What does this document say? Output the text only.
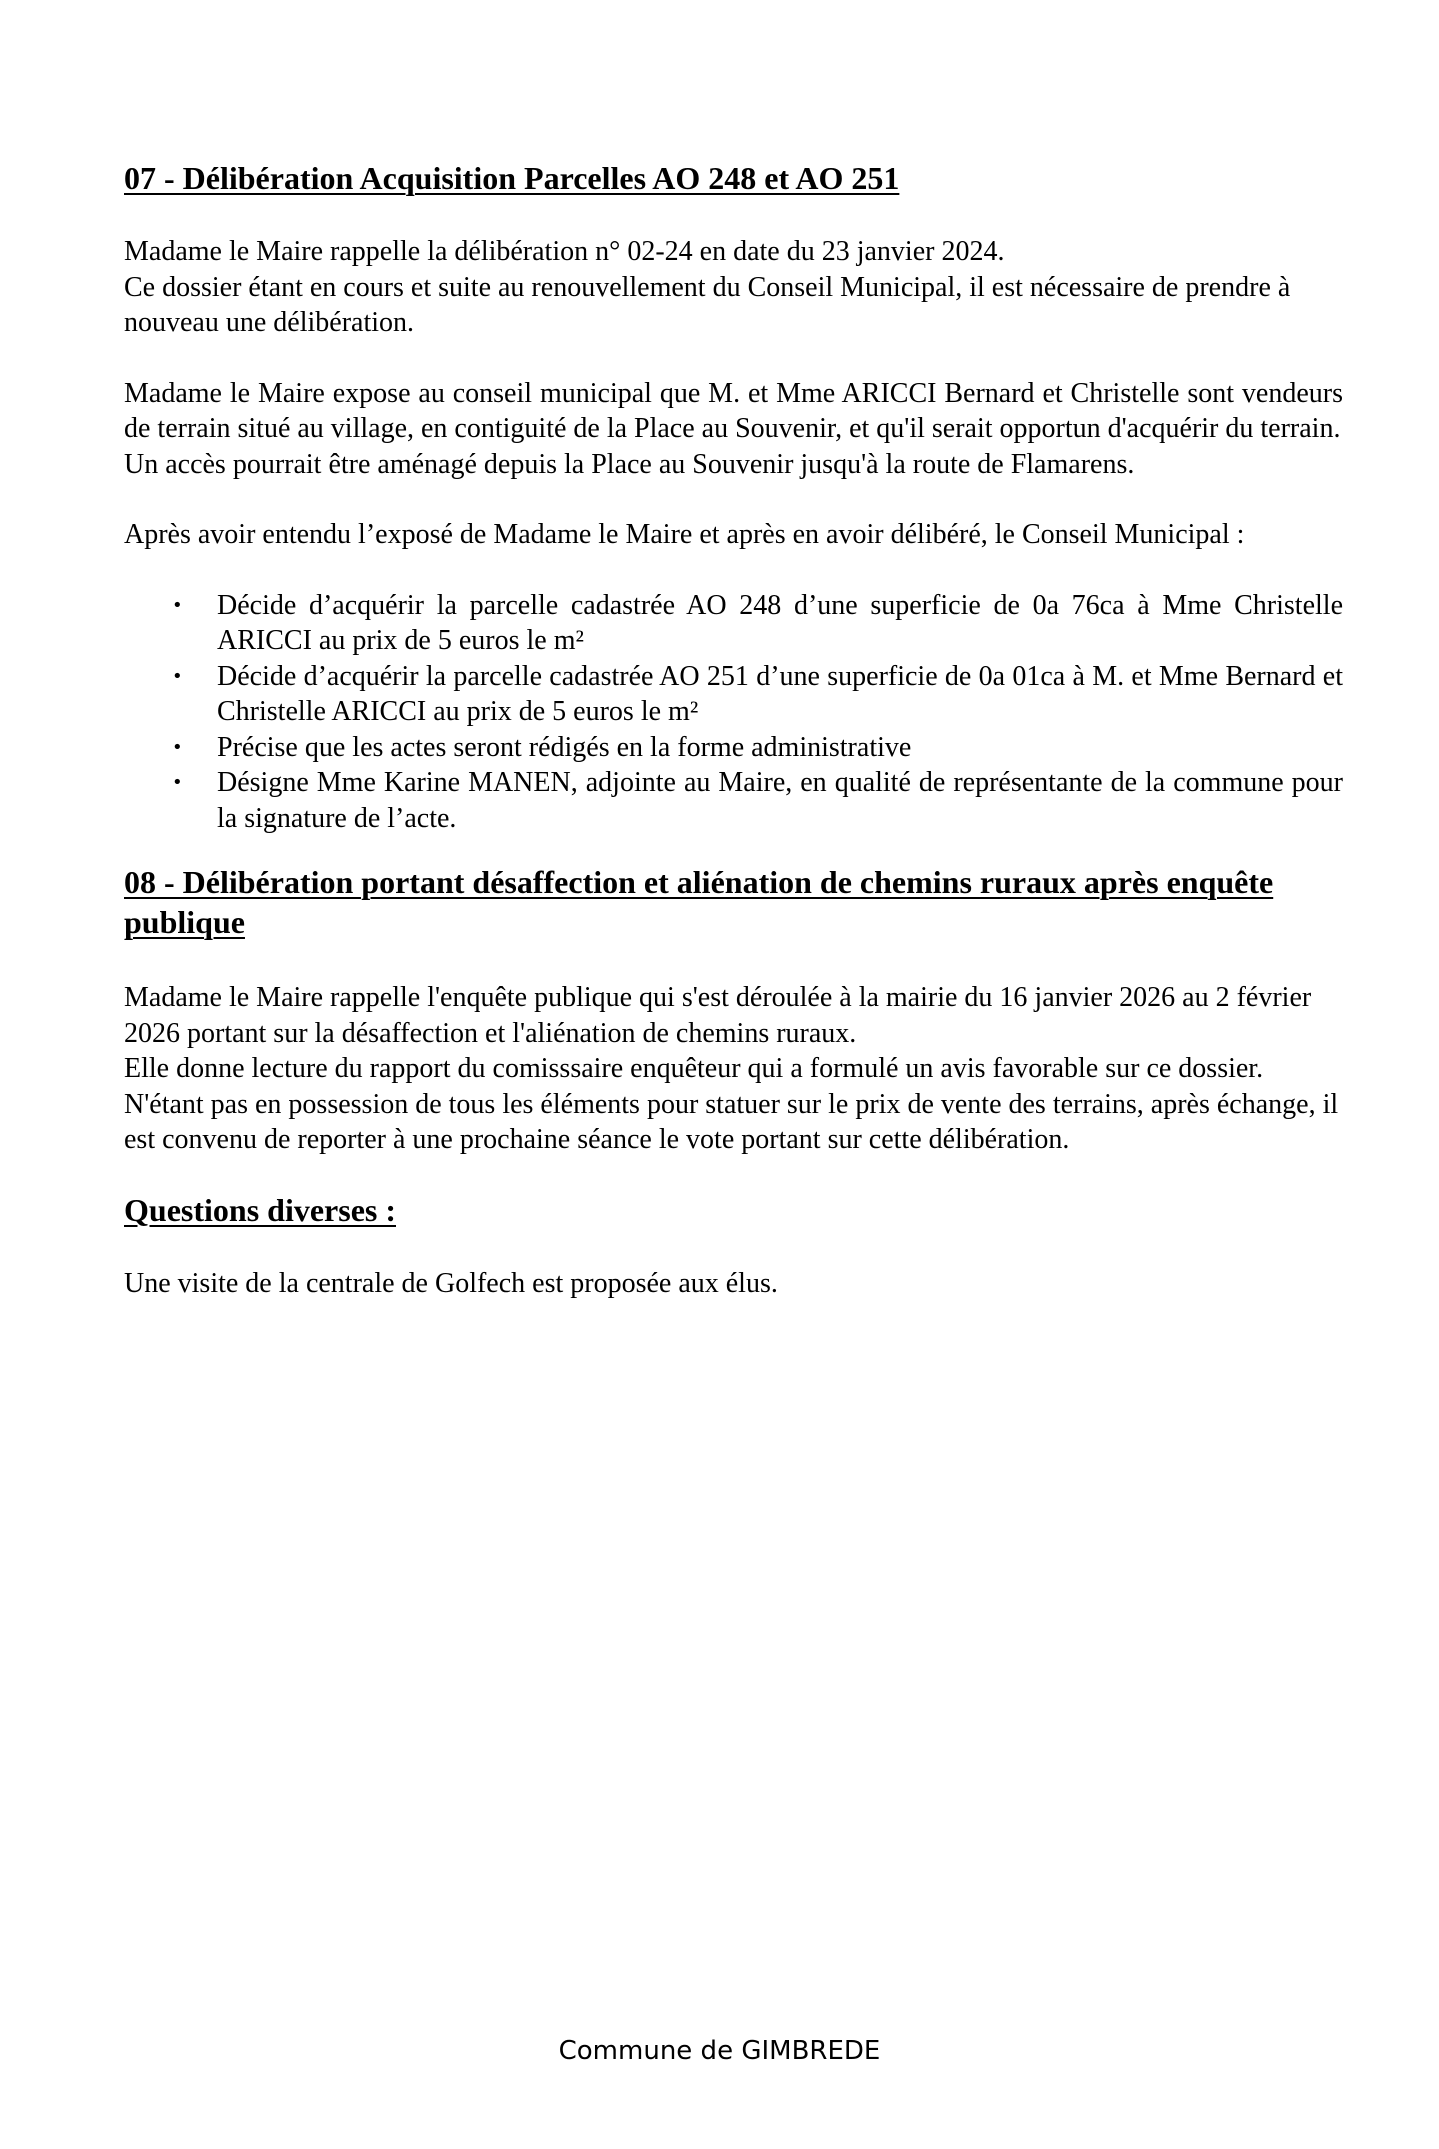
07 - Délibération Acquisition Parcelles AO 248 et AO 251

Madame le Maire rappelle la délibération n° 02-24 en date du 23 janvier 2024.

Ce dossier étant en cours et suite au renouvellement du Conseil Municipal, il est nécessaire de prendre à nouveau une délibération.

Madame le Maire expose au conseil municipal que M. et Mme ARICCI Bernard et Christelle sont vendeurs de terrain situé au village, en contiguité de la Place au Souvenir, et qu'il serait opportun d'acquérir du terrain.

Un accès pourrait être aménagé depuis la Place au Souvenir jusqu'à la route de Flamarens.

Après avoir entendu l’exposé de Madame le Maire et après en avoir délibéré, le Conseil Municipal :

• Décide d’acquérir la parcelle cadastrée AO 248 d’une superficie de 0a 76ca à Mme Christelle ARICCI au prix de 5 euros le m²
• Décide d’acquérir la parcelle cadastrée AO 251 d’une superficie de 0a 01ca à M. et Mme Bernard et Christelle ARICCI au prix de 5 euros le m²
• Précise que les actes seront rédigés en la forme administrative
• Désigne Mme Karine MANEN, adjointe au Maire, en qualité de représentante de la commune pour la signature de l’acte.
08 - Délibération portant désaffection et aliénation de chemins ruraux après enquête publique

Madame le Maire rappelle l'enquête publique qui s'est déroulée à la mairie du 16 janvier 2026 au 2 février 2026 portant sur la désaffection et l'aliénation de chemins ruraux.

Elle donne lecture du rapport du comisssaire enquêteur qui a formulé un avis favorable sur ce dossier.

N'étant pas en possession de tous les éléments pour statuer sur le prix de vente des terrains, après échange, il est convenu de reporter à une prochaine séance le vote portant sur cette délibération.

Questions diverses :

Une visite de la centrale de Golfech est proposée aux élus.

Commune de GIMBREDE
